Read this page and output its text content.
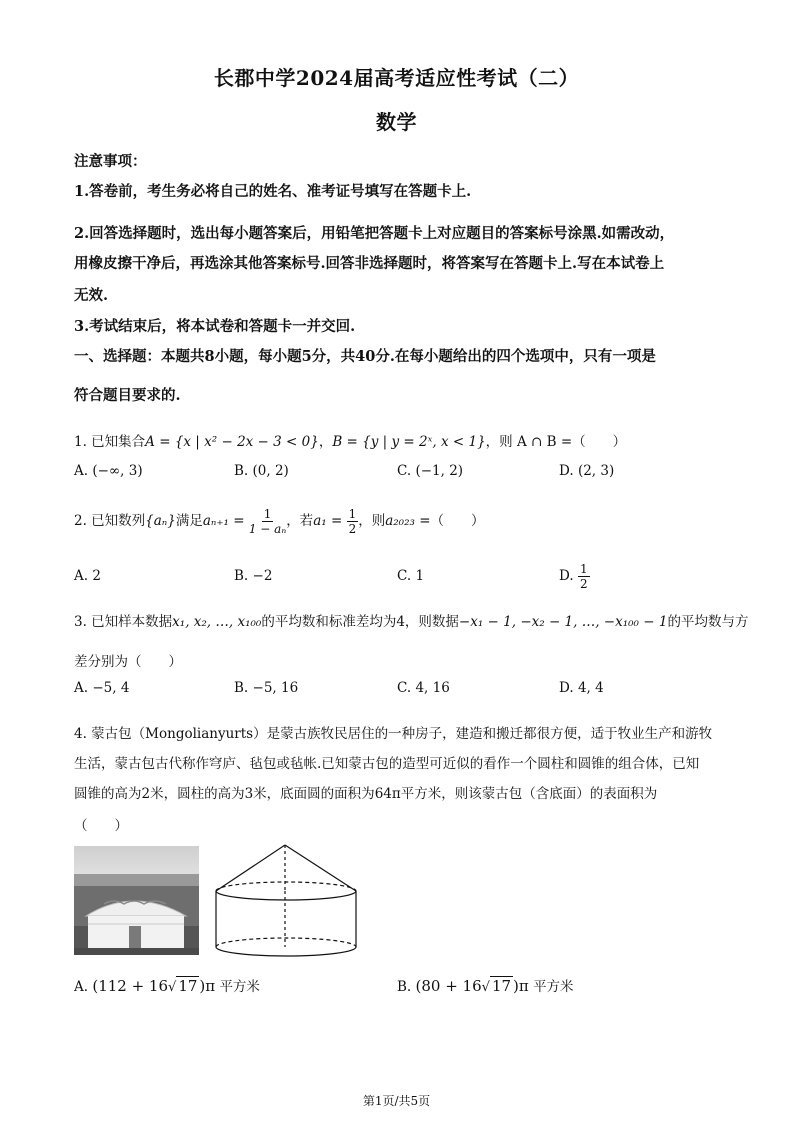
长郡中学2024届高考适应性考试（二）
数学
注意事项：
1.答卷前，考生务必将自己的姓名、准考证号填写在答题卡上.
2.回答选择题时，选出每小题答案后，用铅笔把答题卡上对应题目的答案标号涂黑.如需改动，
用橡皮擦干净后，再选涂其他答案标号.回答非选择题时，将答案写在答题卡上.写在本试卷上
无效.
3.考试结束后，将本试卷和答题卡一并交回.
一、选择题：本题共8小题，每小题5分，共40分.在每小题给出的四个选项中，只有一项是
符合题目要求的.
1. 已知集合A = {x | x² − 2x − 3 < 0}，B = {y | y = 2ˣ, x < 1}，则 A ∩ B =（　　）
A. (−∞, 3)	B. (0, 2)	C. (−1, 2)	D. (2, 3)
2. 已知数列{aₙ}满足$a_{n+1} = \frac{1}{\text{1 − aₙ}}$ ，若$a_1 = \frac{1}{2}$ ，则a₂₀₂₃ =（　　）
A. 2	B. −2	C. 1	D. $\frac{1}{2}$
3. 已知样本数据x₁, x₂, …, x₁₀₀的平均数和标准差均为4，则数据−x₁ − 1, −x₂ − 1, …, −x₁₀₀ − 1的平均数与方
差分别为（　　）
A. −5, 4	B. −5, 16	C. 4, 16	D. 4, 4
4. 蒙古包（Mongolianyurts）是蒙古族牧民居住的一种房子，建造和搬迁都很方便，适于牧业生产和游牧
生活，蒙古包古代称作穹庐、毡包或毡帐.已知蒙古包的造型可近似的看作一个圆柱和圆锥的组合体，已知
圆锥的高为2米，圆柱的高为3米，底面圆的面积为64π平方米，则该蒙古包（含底面）的表面积为
（　　）
A. (112 + 16√ 17 )π 平方米	B. (80 + 16√ 17 )π 平方米
第1页/共5页
